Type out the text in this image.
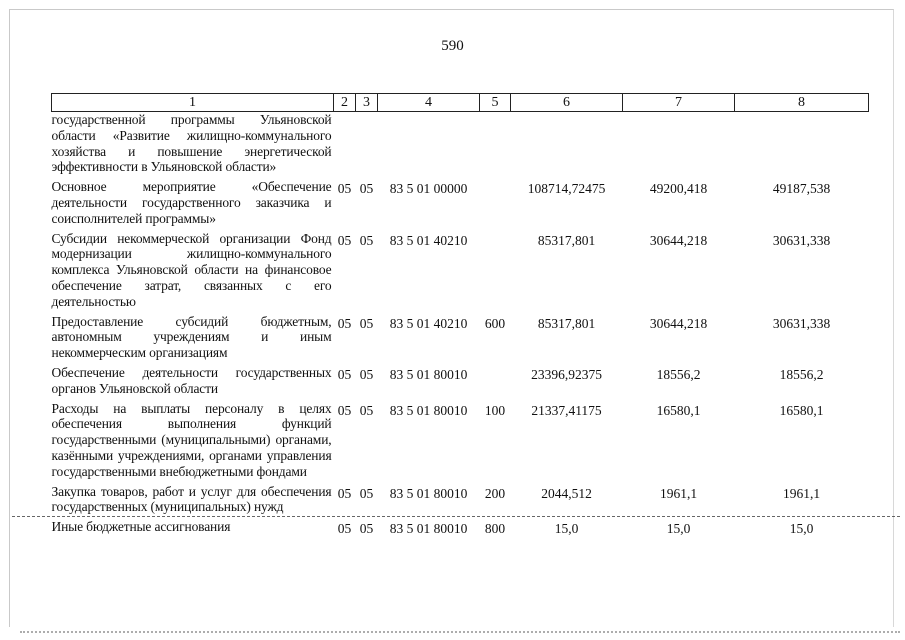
590
1	2	3	4	5	6	7	8
государственной программы Ульяновской области «Развитие жилищно-коммунального хозяйства и повышение энергетической эффективности в Ульяновской области»							
Основное мероприятие «Обеспечение деятельности государственного заказчика и соисполнителей программы»	05	05	83 5 01 00000		108714,72475	49200,418	49187,538
Субсидии некоммерческой организации Фонд модернизации жилищно-коммунального комплекса Ульяновской области на финансовое обеспечение затрат, связанных с его деятельностью	05	05	83 5 01 40210		85317,801	30644,218	30631,338
Предоставление субсидий бюджетным, автономным учреждениям и иным некоммерческим организациям	05	05	83 5 01 40210	600	85317,801	30644,218	30631,338
Обеспечение деятельности государственных органов Ульяновской области	05	05	83 5 01 80010		23396,92375	18556,2	18556,2
Расходы на выплаты персоналу в целях обеспечения выполнения функций государственными (муниципальными) органами, казёнными учреждениями, органами управления государственными внебюджетными фондами	05	05	83 5 01 80010	100	21337,41175	16580,1	16580,1
Закупка товаров, работ и услуг для обеспечения государственных (муниципальных) нужд	05	05	83 5 01 80010	200	2044,512	1961,1	1961,1
Иные бюджетные ассигнования	05	05	83 5 01 80010	800	15,0	15,0	15,0
